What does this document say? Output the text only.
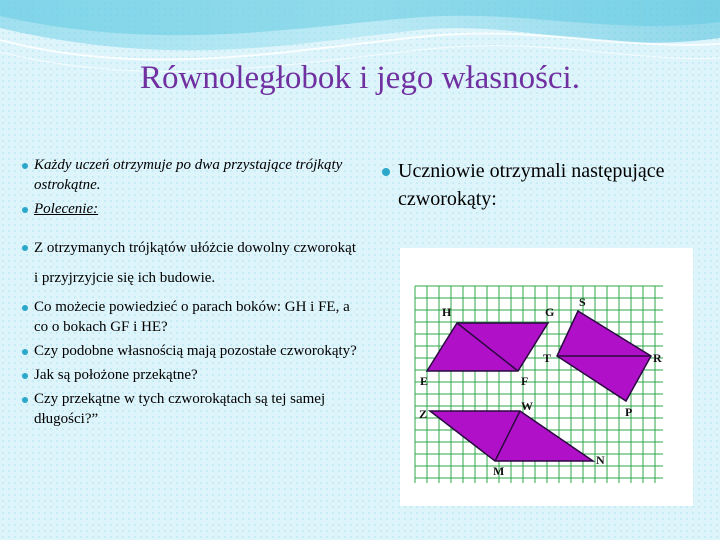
Równoległobok i jego własności.
Każdy uczeń otrzymuje po dwa przystające trójkąty ostrokątne.
Polecenie:
Z otrzymanych trójkątów ułóżcie dowolny czworokąt i przyjrzyjcie się ich budowie.
Co możecie powiedzieć o parach boków: GH i FE, a co o bokach GF i HE?
Czy podobne własnością mają pozostałe czworokąty?
Jak są położone przekątne?
Czy przekątne w tych czworokątach są tej samej długości?”
Uczniowie otrzymali następujące czworokąty:
H	G
E	F
S
T	R
P
Z
W
M
N
